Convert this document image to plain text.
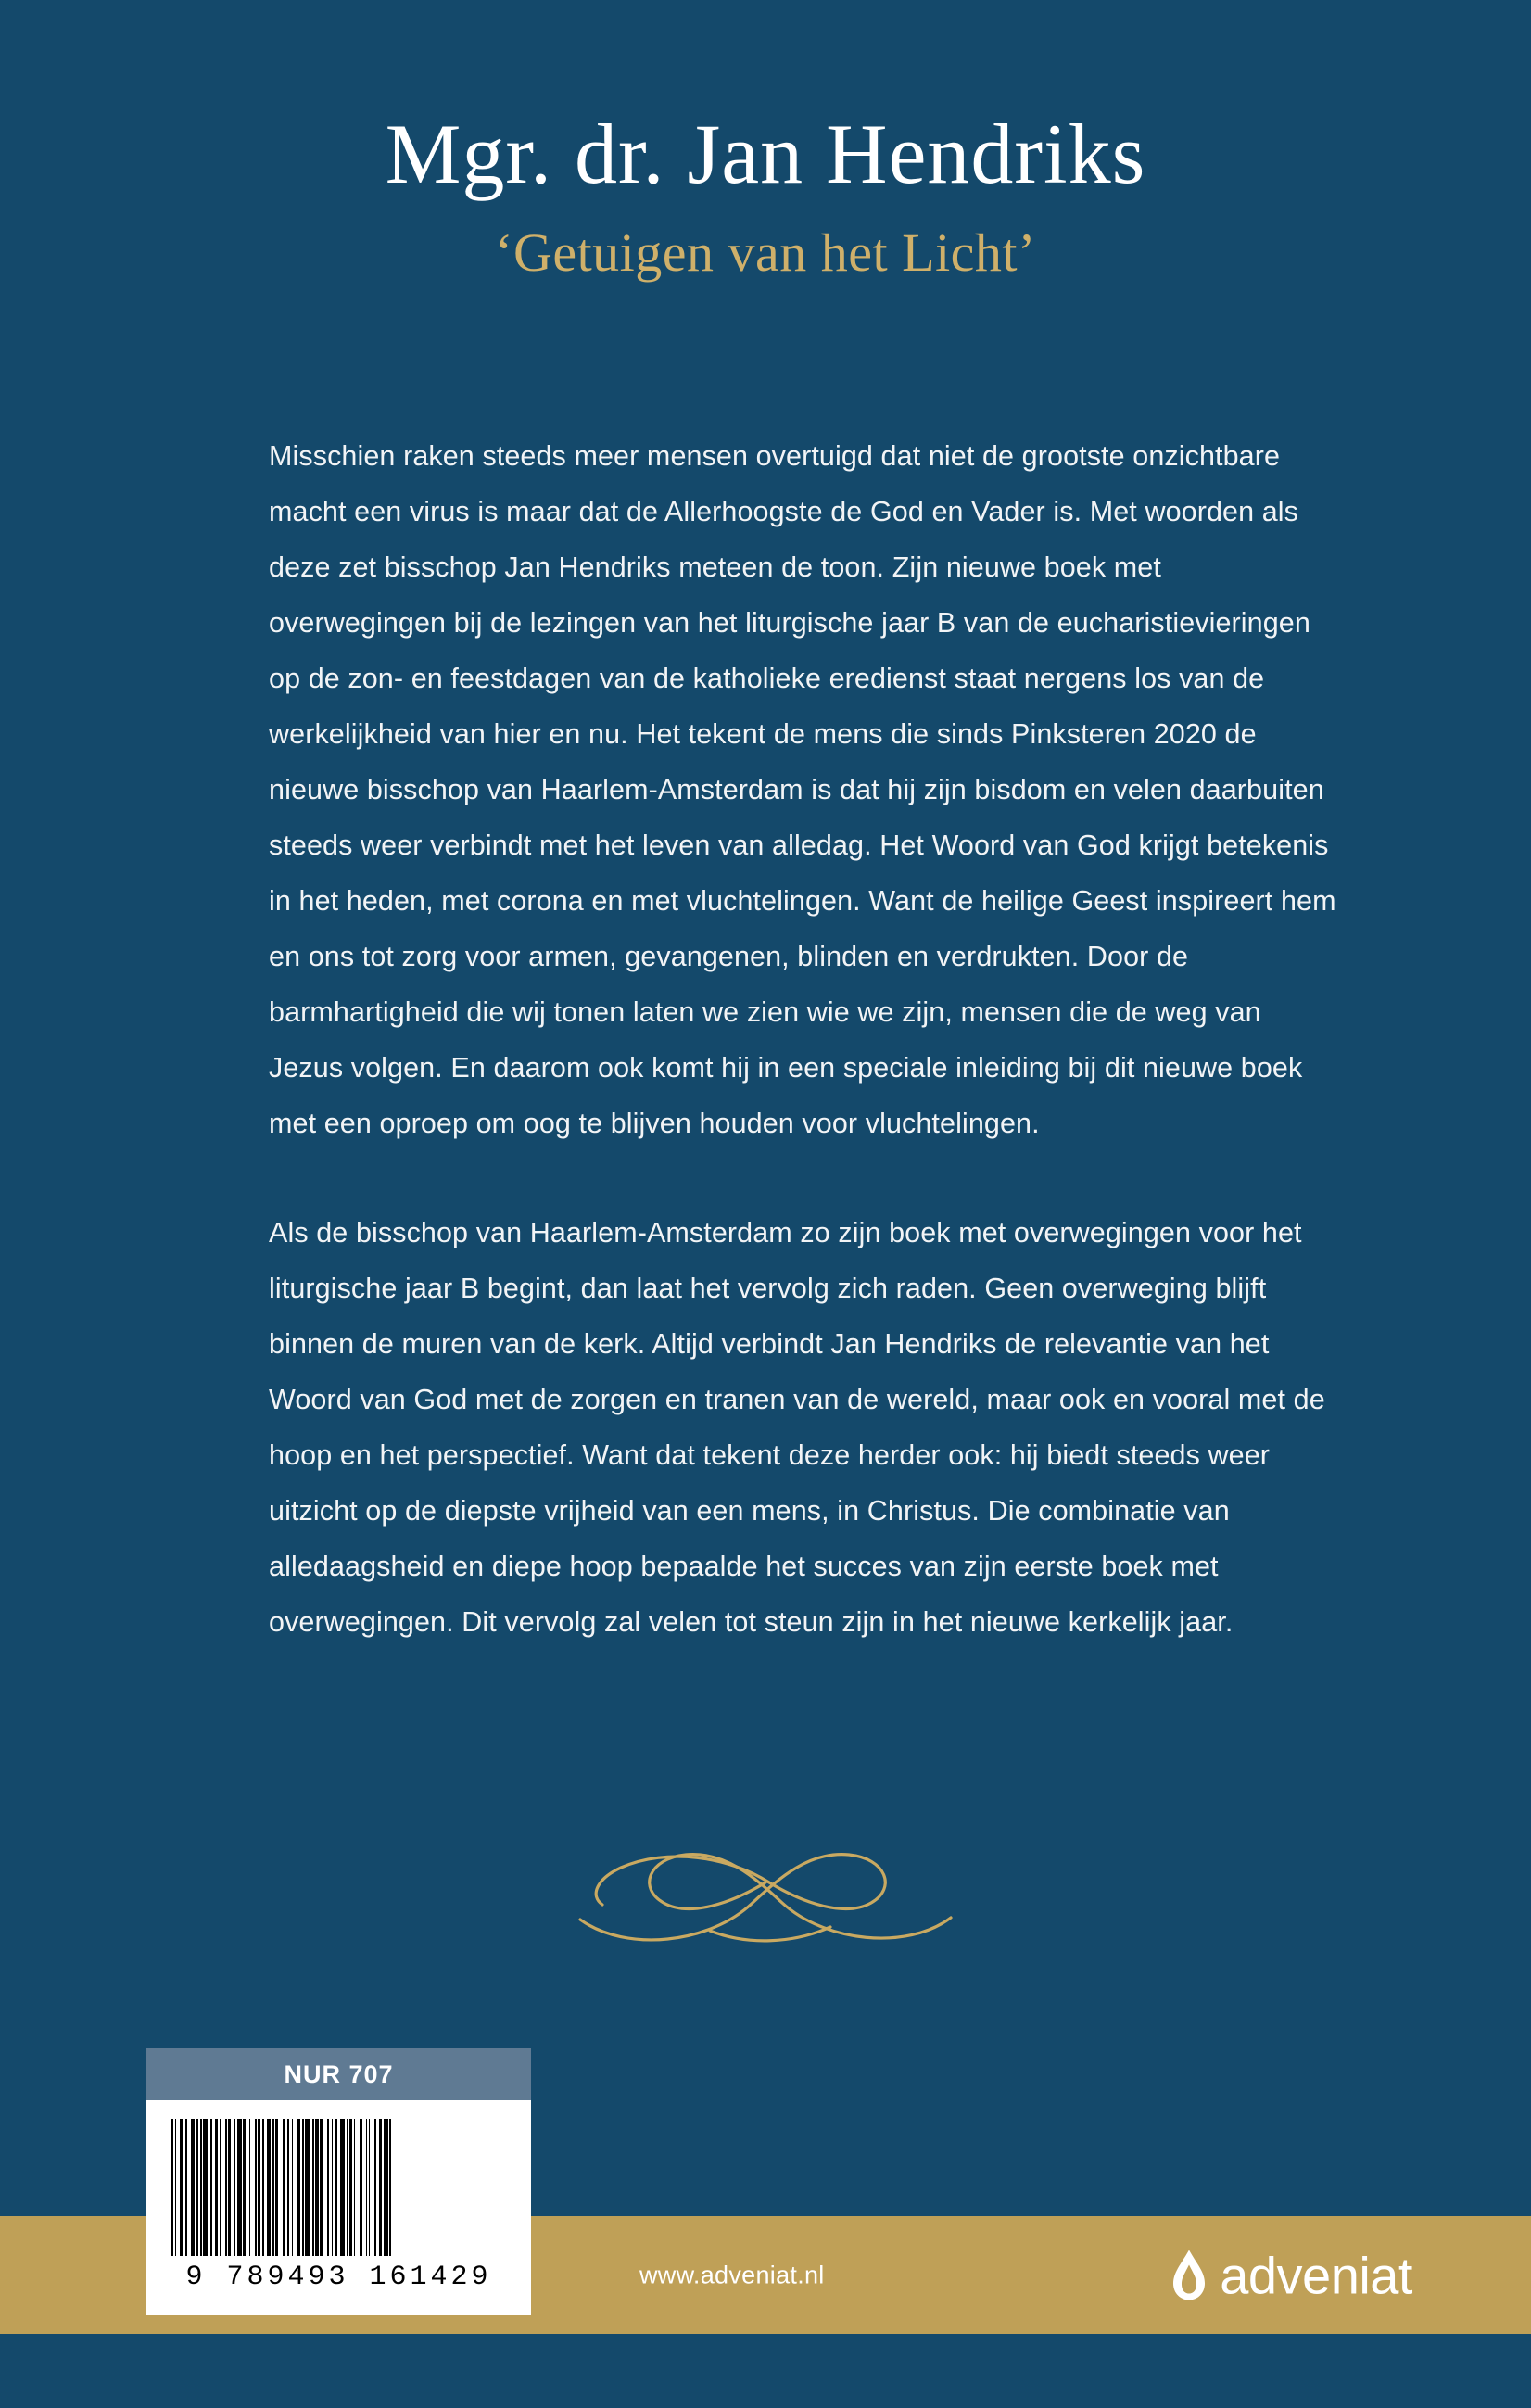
Mgr. dr. Jan Hendriks
‘Getuigen van het Licht’

Misschien raken steeds meer mensen overtuigd dat niet de grootste onzichtbare macht een virus is maar dat de Allerhoogste de God en Vader is. Met woorden als deze zet bisschop Jan Hendriks meteen de toon. Zijn nieuwe boek met overwegingen bij de lezingen van het liturgische jaar B van de eucharistievieringen op de zon- en feestdagen van de katholieke eredienst staat nergens los van de werkelijkheid van hier en nu. Het tekent de mens die sinds Pinksteren 2020 de nieuwe bisschop van Haarlem-Amsterdam is dat hij zijn bisdom en velen daarbuiten steeds weer verbindt met het leven van alledag. Het Woord van God krijgt betekenis in het heden, met corona en met vluchtelingen. Want de heilige Geest inspireert hem en ons tot zorg voor armen, gevangenen, blinden en verdrukten. Door de barmhartigheid die wij tonen laten we zien wie we zijn, mensen die de weg van Jezus volgen. En daarom ook komt hij in een speciale inleiding bij dit nieuwe boek met een oproep om oog te blijven houden voor vluchtelingen.

Als de bisschop van Haarlem-Amsterdam zo zijn boek met overwegingen voor het liturgische jaar B begint, dan laat het vervolg zich raden. Geen overweging blijft binnen de muren van de kerk. Altijd verbindt Jan Hendriks de relevantie van het Woord van God met de zorgen en tranen van de wereld, maar ook en vooral met de hoop en het perspectief. Want dat tekent deze herder ook: hij biedt steeds weer uitzicht op de diepste vrijheid van een mens, in Christus. Die combinatie van alledaagsheid en diepe hoop bepaalde het succes van zijn eerste boek met overwegingen. Dit vervolg zal velen tot steun zijn in het nieuwe kerkelijk jaar.

www.adveniat.nl	adveniat
NUR 707
9 789493 161429
